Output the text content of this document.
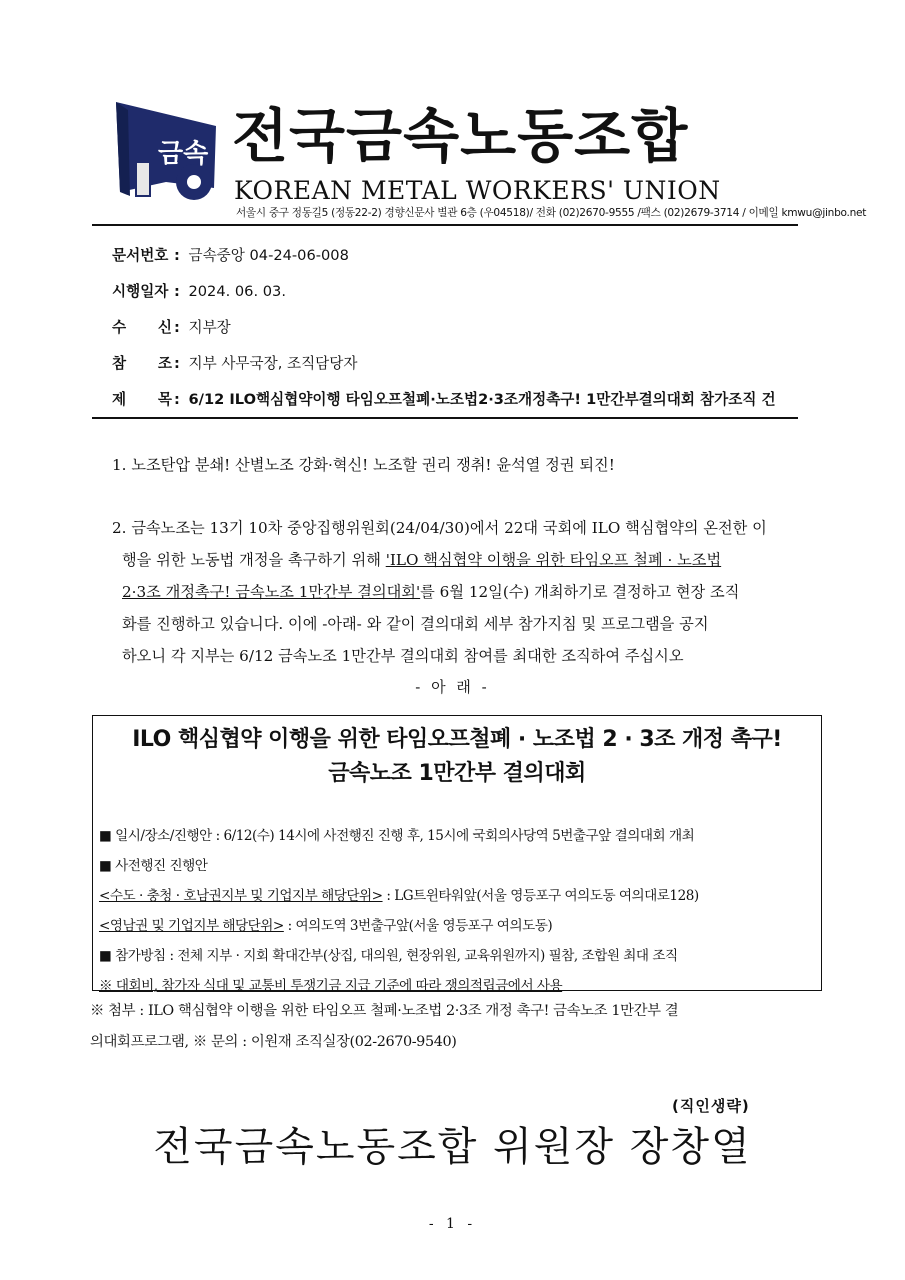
금속 전국금속노동조합
KOREAN METAL WORKERS' UNION
서울시 중구 정동길5 (정동22-2) 경향신문사 별관 6층 (우04518)/ 전화 (02)2670-9555 /팩스 (02)2679-3714 / 이메일 kmwu@jinbo.net
문서번호 : 금속중앙 04-24-06-008
시행일자 : 2024. 06. 03.
수 신 : 지부장
참 조 : 지부 사무국장, 조직담당자
제 목 : 6/12 ILO핵심협약이행 타임오프철폐·노조법2·3조개정촉구! 1만간부결의대회 참가조직 건
1. 노조탄압 분쇄! 산별노조 강화·혁신! 노조할 권리 쟁취! 윤석열 정권 퇴진!
2. 금속노조는 13기 10차 중앙집행위원회(24/04/30)에서 22대 국회에 ILO 핵심협약의 온전한 이
행을 위한 노동법 개정을 촉구하기 위해 'ILO 핵심협약 이행을 위한 타임오프 철폐 · 노조법
2·3조 개정촉구! 금속노조 1만간부 결의대회'를 6월 12일(수) 개최하기로 결정하고 현장 조직
화를 진행하고 있습니다. 이에 -아래- 와 같이 결의대회 세부 참가지침 및 프로그램을 공지
하오니 각 지부는 6/12 금속노조 1만간부 결의대회 참여를 최대한 조직하여 주십시오
- 아 래 -
ILO 핵심협약 이행을 위한 타임오프철폐 · 노조법 2 · 3조 개정 촉구!
금속노조 1만간부 결의대회
■ 일시/장소/진행안 : 6/12(수) 14시에 사전행진 진행 후, 15시에 국회의사당역 5번출구앞 결의대회 개최
■ 사전행진 진행안
<수도 · 충청 · 호남권지부 및 기업지부 해당단위> : LG트윈타워앞(서울 영등포구 여의도동 여의대로128)
<영남권 및 기업지부 해당단위> : 여의도역 3번출구앞(서울 영등포구 여의도동)
■ 참가방침 : 전체 지부 · 지회 확대간부(상집, 대의원, 현장위원, 교육위원까지) 필참, 조합원 최대 조직
※ 대회비, 참가자 식대 및 교통비 투쟁기금 지급 기준에 따라 쟁의적립금에서 사용
※ 첨부 : ILO 핵심협약 이행을 위한 타임오프 철폐·노조법 2·3조 개정 촉구! 금속노조 1만간부 결
의대회프로그램, ※ 문의 : 이원재 조직실장(02-2670-9540)
(직인생략)
전국금속노동조합 위원장 장창열
- 1 -
